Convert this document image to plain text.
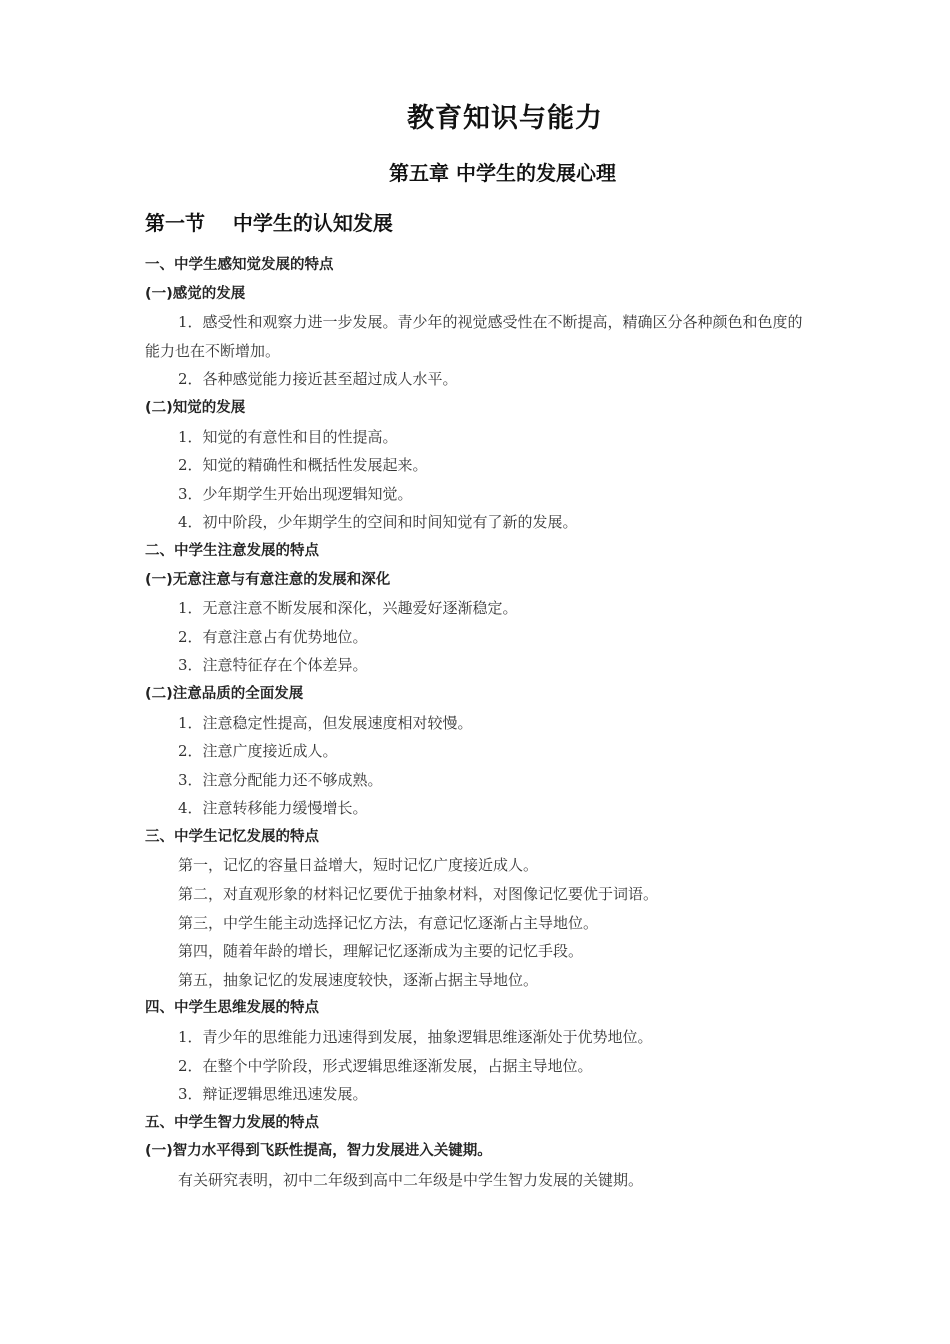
教育知识与能力
第五章 中学生的发展心理
第一节    中学生的认知发展
一、中学生感知觉发展的特点
(一)感觉的发展
1．感受性和观察力进一步发展。青少年的视觉感受性在不断提高，精确区分各种颜色和色度的能力也在不断增加。
2．各种感觉能力接近甚至超过成人水平。
(二)知觉的发展
1．知觉的有意性和目的性提高。
2．知觉的精确性和概括性发展起来。
3．少年期学生开始出现逻辑知觉。
4．初中阶段，少年期学生的空间和时间知觉有了新的发展。
二、中学生注意发展的特点
(一)无意注意与有意注意的发展和深化
1．无意注意不断发展和深化，兴趣爱好逐渐稳定。
2．有意注意占有优势地位。
3．注意特征存在个体差异。
(二)注意品质的全面发展
1．注意稳定性提高，但发展速度相对较慢。
2．注意广度接近成人。
3．注意分配能力还不够成熟。
4．注意转移能力缓慢增长。
三、中学生记忆发展的特点
第一，记忆的容量日益增大，短时记忆广度接近成人。
第二，对直观形象的材料记忆要优于抽象材料，对图像记忆要优于词语。
第三，中学生能主动选择记忆方法，有意记忆逐渐占主导地位。
第四，随着年龄的增长，理解记忆逐渐成为主要的记忆手段。
第五，抽象记忆的发展速度较快，逐渐占据主导地位。
四、中学生思维发展的特点
1．青少年的思维能力迅速得到发展，抽象逻辑思维逐渐处于优势地位。
2．在整个中学阶段，形式逻辑思维逐渐发展，占据主导地位。
3．辩证逻辑思维迅速发展。
五、中学生智力发展的特点
(一)智力水平得到飞跃性提高，智力发展进入关键期。
有关研究表明，初中二年级到高中二年级是中学生智力发展的关键期。
